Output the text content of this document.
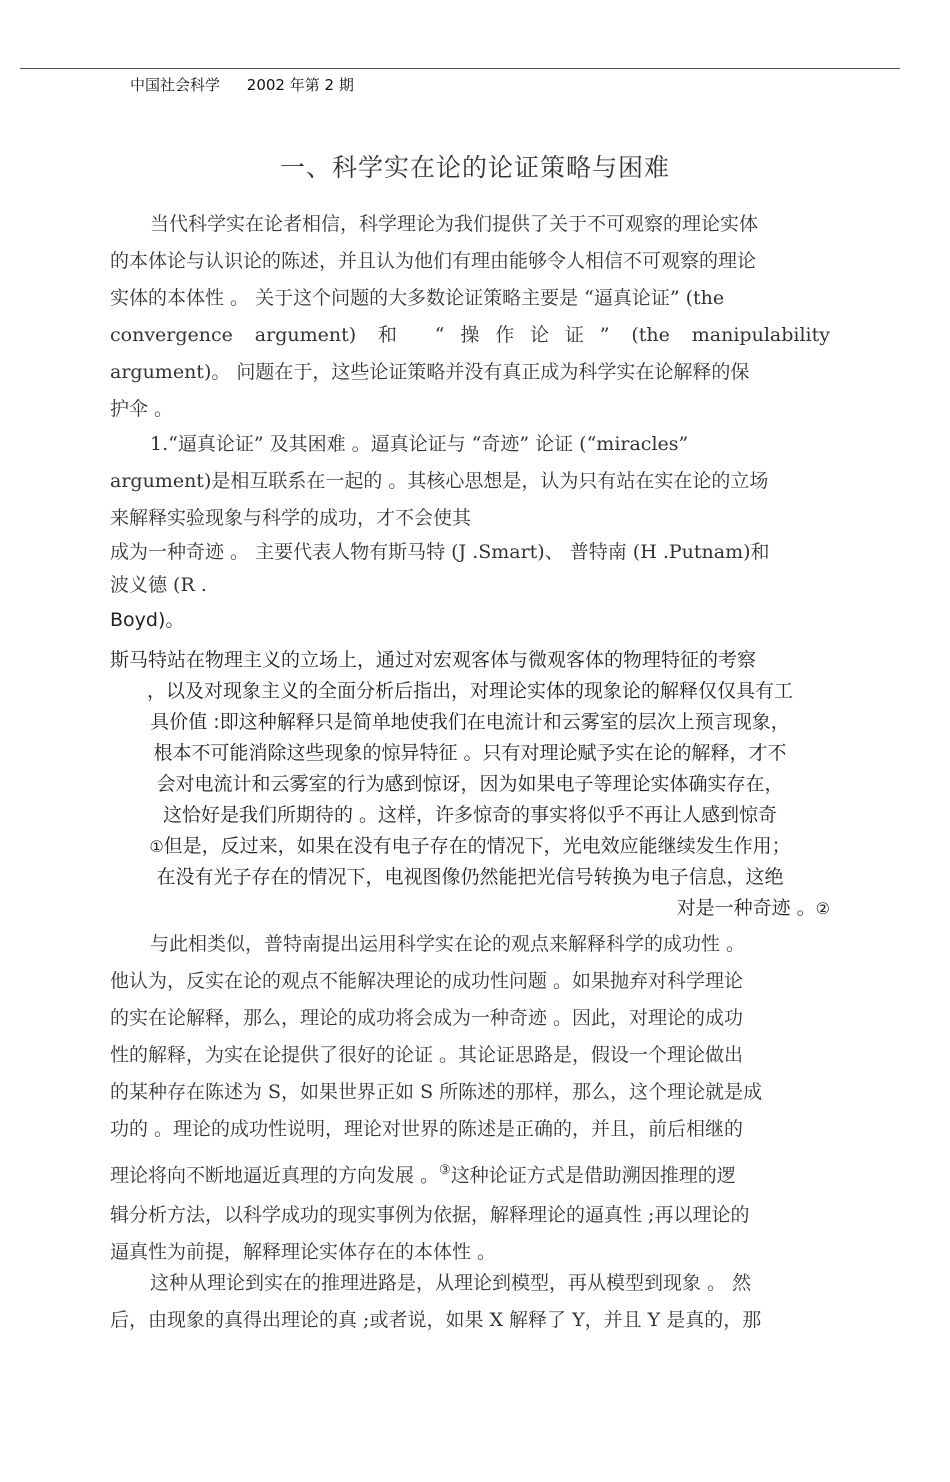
中国社会科学 2002 年第 2 期
一、科学实在论的论证策略与困难
当代科学实在论者相信，科学理论为我们提供了关于不可观察的理论实体
的本体论与认识论的陈述，并且认为他们有理由能够令人相信不可观察的理论
实体的本体性 。 关于这个问题的大多数论证策略主要是 “逼真论证” (the
convergence argument) 和 “操作论证” (the manipulability
argument)。 问题在于，这些论证策略并没有真正成为科学实在论解释的保
护伞 。
1.“逼真论证” 及其困难 。逼真论证与 “奇迹” 论证 (“miracles”
argument)是相互联系在一起的 。其核心思想是，认为只有站在实在论的立场
来解释实验现象与科学的成功，才不会使其
成为一种奇迹 。 主要代表人物有斯马特 (J .Smart)、 普特南 (H .Putnam)和
波义德 (R .
Boyd)。
斯马特站在物理主义的立场上，通过对宏观客体与微观客体的物理特征的考察
，以及对现象主义的全面分析后指出，对理论实体的现象论的解释仅仅具有工
具价值 :即这种解释只是简单地使我们在电流计和云雾室的层次上预言现象，
根本不可能消除这些现象的惊异特征 。只有对理论赋予实在论的解释，才不
会对电流计和云雾室的行为感到惊讶，因为如果电子等理论实体确实存在，
这恰好是我们所期待的 。这样，许多惊奇的事实将似乎不再让人感到惊奇
①但是，反过来，如果在没有电子存在的情况下，光电效应能继续发生作用；
在没有光子存在的情况下，电视图像仍然能把光信号转换为电子信息，这绝
对是一种奇迹 。②
与此相类似，普特南提出运用科学实在论的观点来解释科学的成功性 。
他认为，反实在论的观点不能解决理论的成功性问题 。如果抛弃对科学理论
的实在论解释，那么，理论的成功将会成为一种奇迹 。因此，对理论的成功
性的解释，为实在论提供了很好的论证 。其论证思路是，假设一个理论做出
的某种存在陈述为 S，如果世界正如 S 所陈述的那样，那么，这个理论就是成
功的 。理论的成功性说明，理论对世界的陈述是正确的，并且，前后相继的
理论将向不断地逼近真理的方向发展 。③这种论证方式是借助溯因推理的逻
辑分析方法，以科学成功的现实事例为依据，解释理论的逼真性 ;再以理论的
逼真性为前提，解释理论实体存在的本体性 。
这种从理论到实在的推理进路是，从理论到模型，再从模型到现象 。 然
后，由现象的真得出理论的真 ;或者说，如果 X 解释了 Y，并且 Y 是真的，那
